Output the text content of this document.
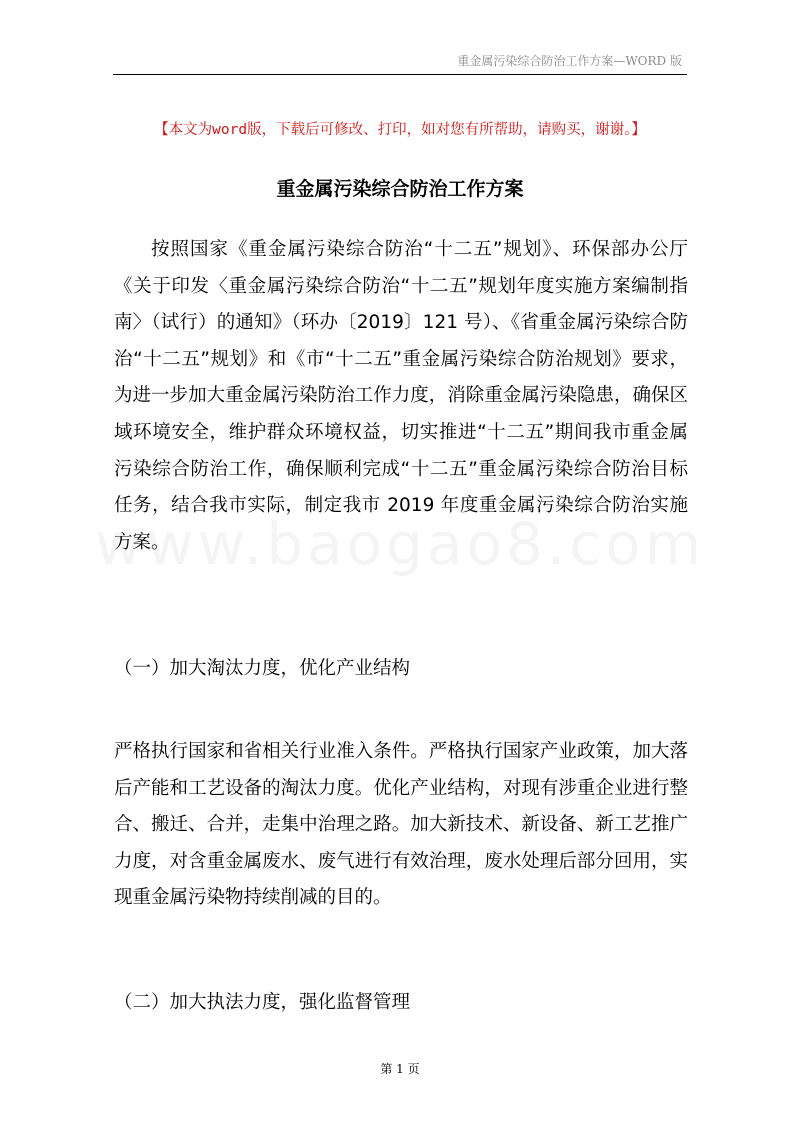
重金属污染综合防治工作方案—WORD 版
【本文为word版，下载后可修改、打印，如对您有所帮助，请购买，谢谢。】
重金属污染综合防治工作方案

按照国家《重金属污染综合防治“十二五”规划》、环保部办公厅《关于印发〈重金属污染综合防治“十二五”规划年度实施方案编制指南〉（试行）的通知》（环办〔2019〕121 号）、《省重金属污染综合防治“十二五”规划》和《市“十二五”重金属污染综合防治规划》要求，为进一步加大重金属污染防治工作力度，消除重金属污染隐患，确保区域环境安全，维护群众环境权益，切实推进“十二五”期间我市重金属污染综合防治工作，确保顺利完成“十二五”重金属污染综合防治目标任务，结合我市实际，制定我市 2019 年度重金属污染综合防治实施方案。

（一）加大淘汰力度，优化产业结构

严格执行国家和省相关行业准入条件。严格执行国家产业政策，加大落后产能和工艺设备的淘汰力度。优化产业结构，对现有涉重企业进行整合、搬迁、合并，走集中治理之路。加大新技术、新设备、新工艺推广力度，对含重金属废水、废气进行有效治理，废水处理后部分回用，实现重金属污染物持续削减的目的。

（二）加大执法力度，强化监督管理

第 1 页
